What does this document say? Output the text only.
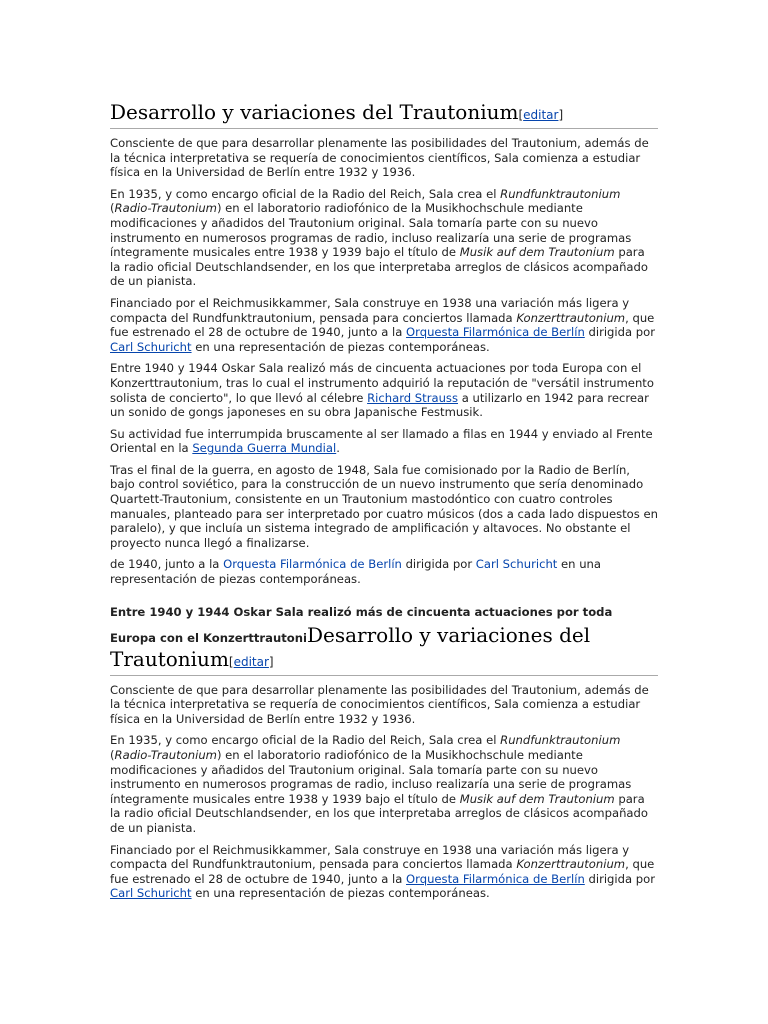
Desarrollo y variaciones del Trautonium[editar]

Consciente de que para desarrollar plenamente las posibilidades del Trautonium, además de la técnica interpretativa se requería de conocimientos científicos, Sala comienza a estudiar física en la Universidad de Berlín entre 1932 y 1936.

En 1935, y como encargo oficial de la Radio del Reich, Sala crea el Rundfunktrautonium (Radio-Trautonium) en el laboratorio radiofónico de la Musikhochschule mediante modificaciones y añadidos del Trautonium original. Sala tomaría parte con su nuevo instrumento en numerosos programas de radio, incluso realizaría una serie de programas íntegramente musicales entre 1938 y 1939 bajo el título de Musik auf dem Trautonium para la radio oficial Deutschlandsender, en los que interpretaba arreglos de clásicos acompañado de un pianista.

Financiado por el Reichmusikkammer, Sala construye en 1938 una variación más ligera y compacta del Rundfunktrautonium, pensada para conciertos llamada Konzerttrautonium, que fue estrenado el 28 de octubre de 1940, junto a la Orquesta Filarmónica de Berlín dirigida por Carl Schuricht en una representación de piezas contemporáneas.

Entre 1940 y 1944 Oskar Sala realizó más de cincuenta actuaciones por toda Europa con el Konzerttrautonium, tras lo cual el instrumento adquirió la reputación de "versátil instrumento solista de concierto", lo que llevó al célebre Richard Strauss a utilizarlo en 1942 para recrear un sonido de gongs japoneses en su obra Japanische Festmusik.

Su actividad fue interrumpida bruscamente al ser llamado a filas en 1944 y enviado al Frente Oriental en la Segunda Guerra Mundial.

Tras el final de la guerra, en agosto de 1948, Sala fue comisionado por la Radio de Berlín, bajo control soviético, para la construcción de un nuevo instrumento que sería denominado Quartett-Trautonium, consistente en un Trautonium mastodóntico con cuatro controles manuales, planteado para ser interpretado por cuatro músicos (dos a cada lado dispuestos en paralelo), y que incluía un sistema integrado de amplificación y altavoces. No obstante el proyecto nunca llegó a finalizarse.

de 1940, junto a la Orquesta Filarmónica de Berlín dirigida por Carl Schuricht en una representación de piezas contemporáneas.

Entre 1940 y 1944 Oskar Sala realizó más de cincuenta actuaciones por toda Europa con el KonzerttrautoniDesarrollo y variaciones del
Trautonium[editar]

Consciente de que para desarrollar plenamente las posibilidades del Trautonium, además de la técnica interpretativa se requería de conocimientos científicos, Sala comienza a estudiar física en la Universidad de Berlín entre 1932 y 1936.

En 1935, y como encargo oficial de la Radio del Reich, Sala crea el Rundfunktrautonium (Radio-Trautonium) en el laboratorio radiofónico de la Musikhochschule mediante modificaciones y añadidos del Trautonium original. Sala tomaría parte con su nuevo instrumento en numerosos programas de radio, incluso realizaría una serie de programas íntegramente musicales entre 1938 y 1939 bajo el título de Musik auf dem Trautonium para la radio oficial Deutschlandsender, en los que interpretaba arreglos de clásicos acompañado de un pianista.

Financiado por el Reichmusikkammer, Sala construye en 1938 una variación más ligera y compacta del Rundfunktrautonium, pensada para conciertos llamada Konzerttrautonium, que fue estrenado el 28 de octubre de 1940, junto a la Orquesta Filarmónica de Berlín dirigida por Carl Schuricht en una representación de piezas contemporáneas.
